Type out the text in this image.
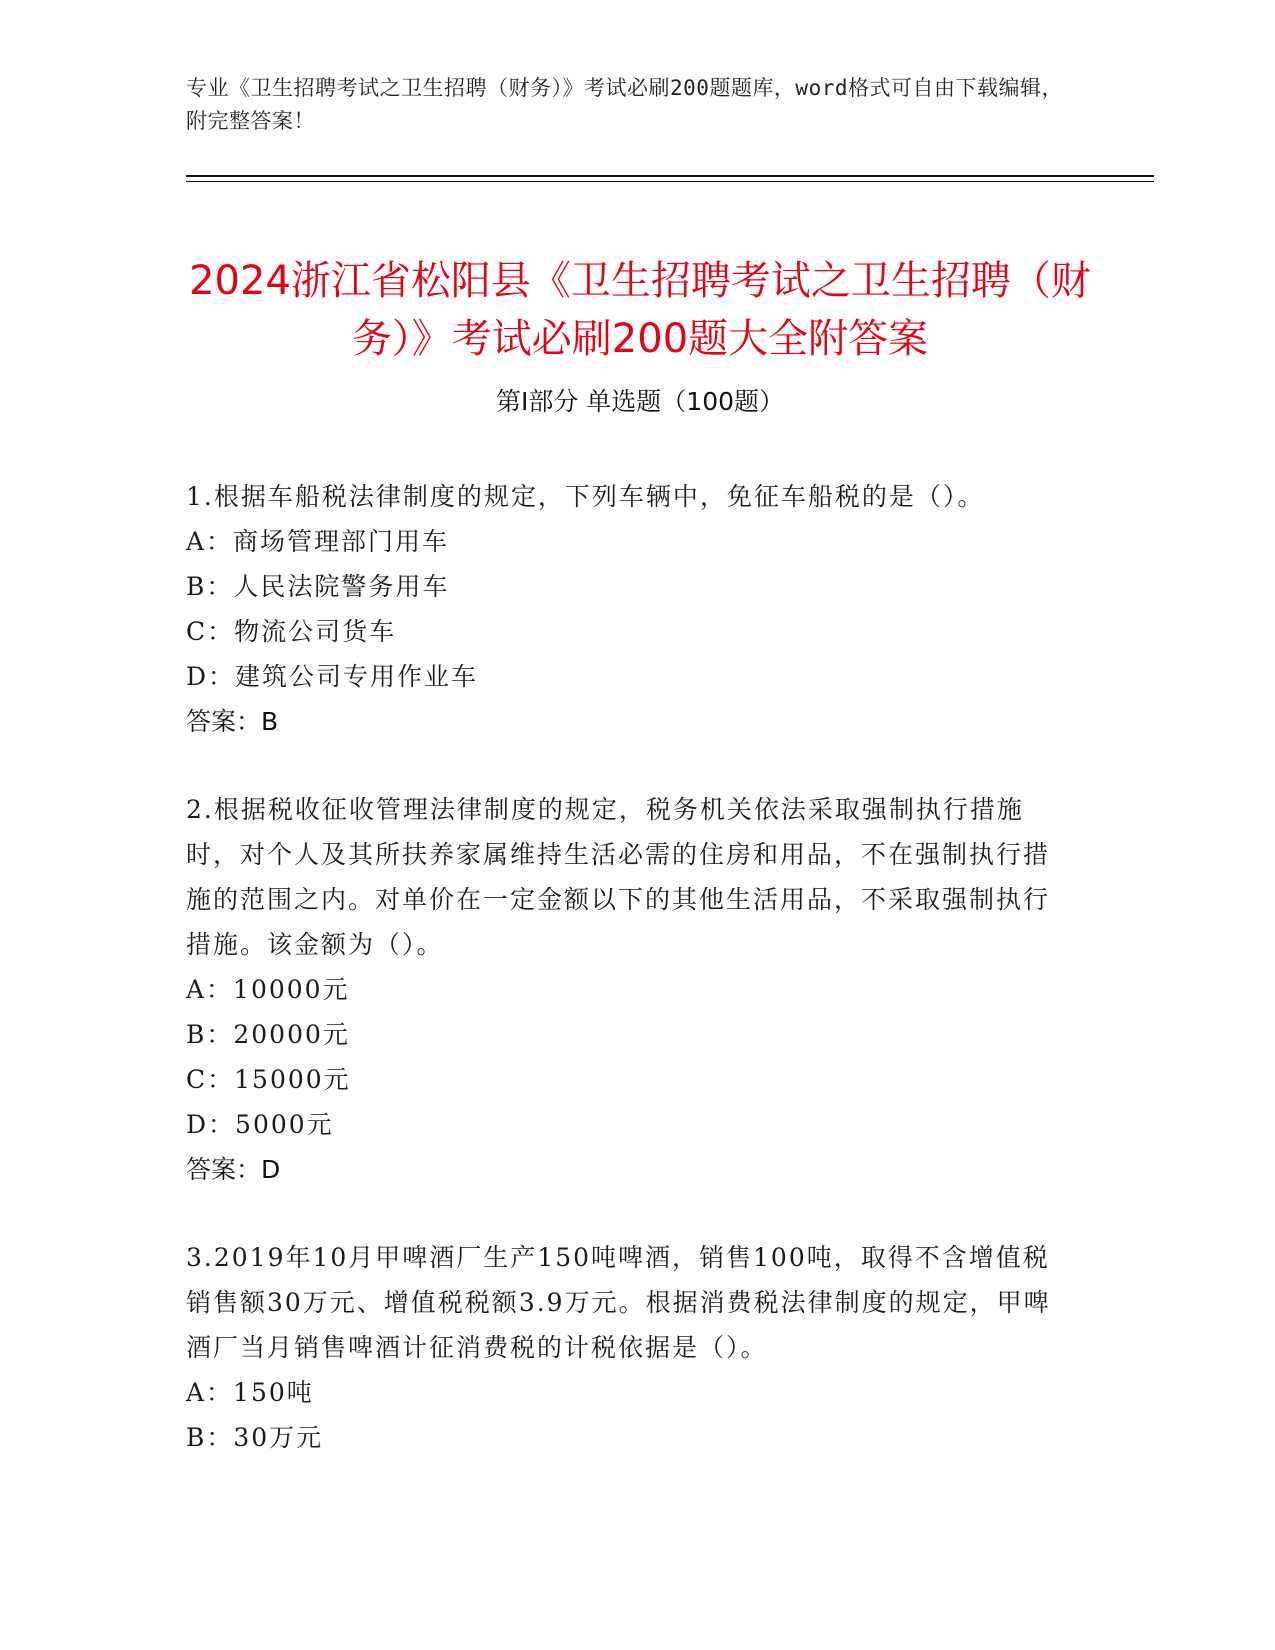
专业《卫生招聘考试之卫生招聘（财务）》考试必刷200题题库，word格式可自由下载编辑，附完整答案！
2024浙江省松阳县《卫生招聘考试之卫生招聘（财务）》考试必刷200题大全附答案
第I部分 单选题（100题）

1.根据车船税法律制度的规定，下列车辆中，免征车船税的是（）。

A：商场管理部门用车

B：人民法院警务用车

C：物流公司货车

D：建筑公司专用作业车

答案：B

2.根据税收征收管理法律制度的规定，税务机关依法采取强制执行措施时，对个人及其所扶养家属维持生活必需的住房和用品，不在强制执行措施的范围之内。对单价在一定金额以下的其他生活用品，不采取强制执行措施。该金额为（）。

A：10000元

B：20000元

C：15000元

D：5000元

答案：D

3.2019年10月甲啤酒厂生产150吨啤酒，销售100吨，取得不含增值税销售额30万元、增值税税额3.9万元。根据消费税法律制度的规定，甲啤酒厂当月销售啤酒计征消费税的计税依据是（）。

A：150吨

B：30万元
